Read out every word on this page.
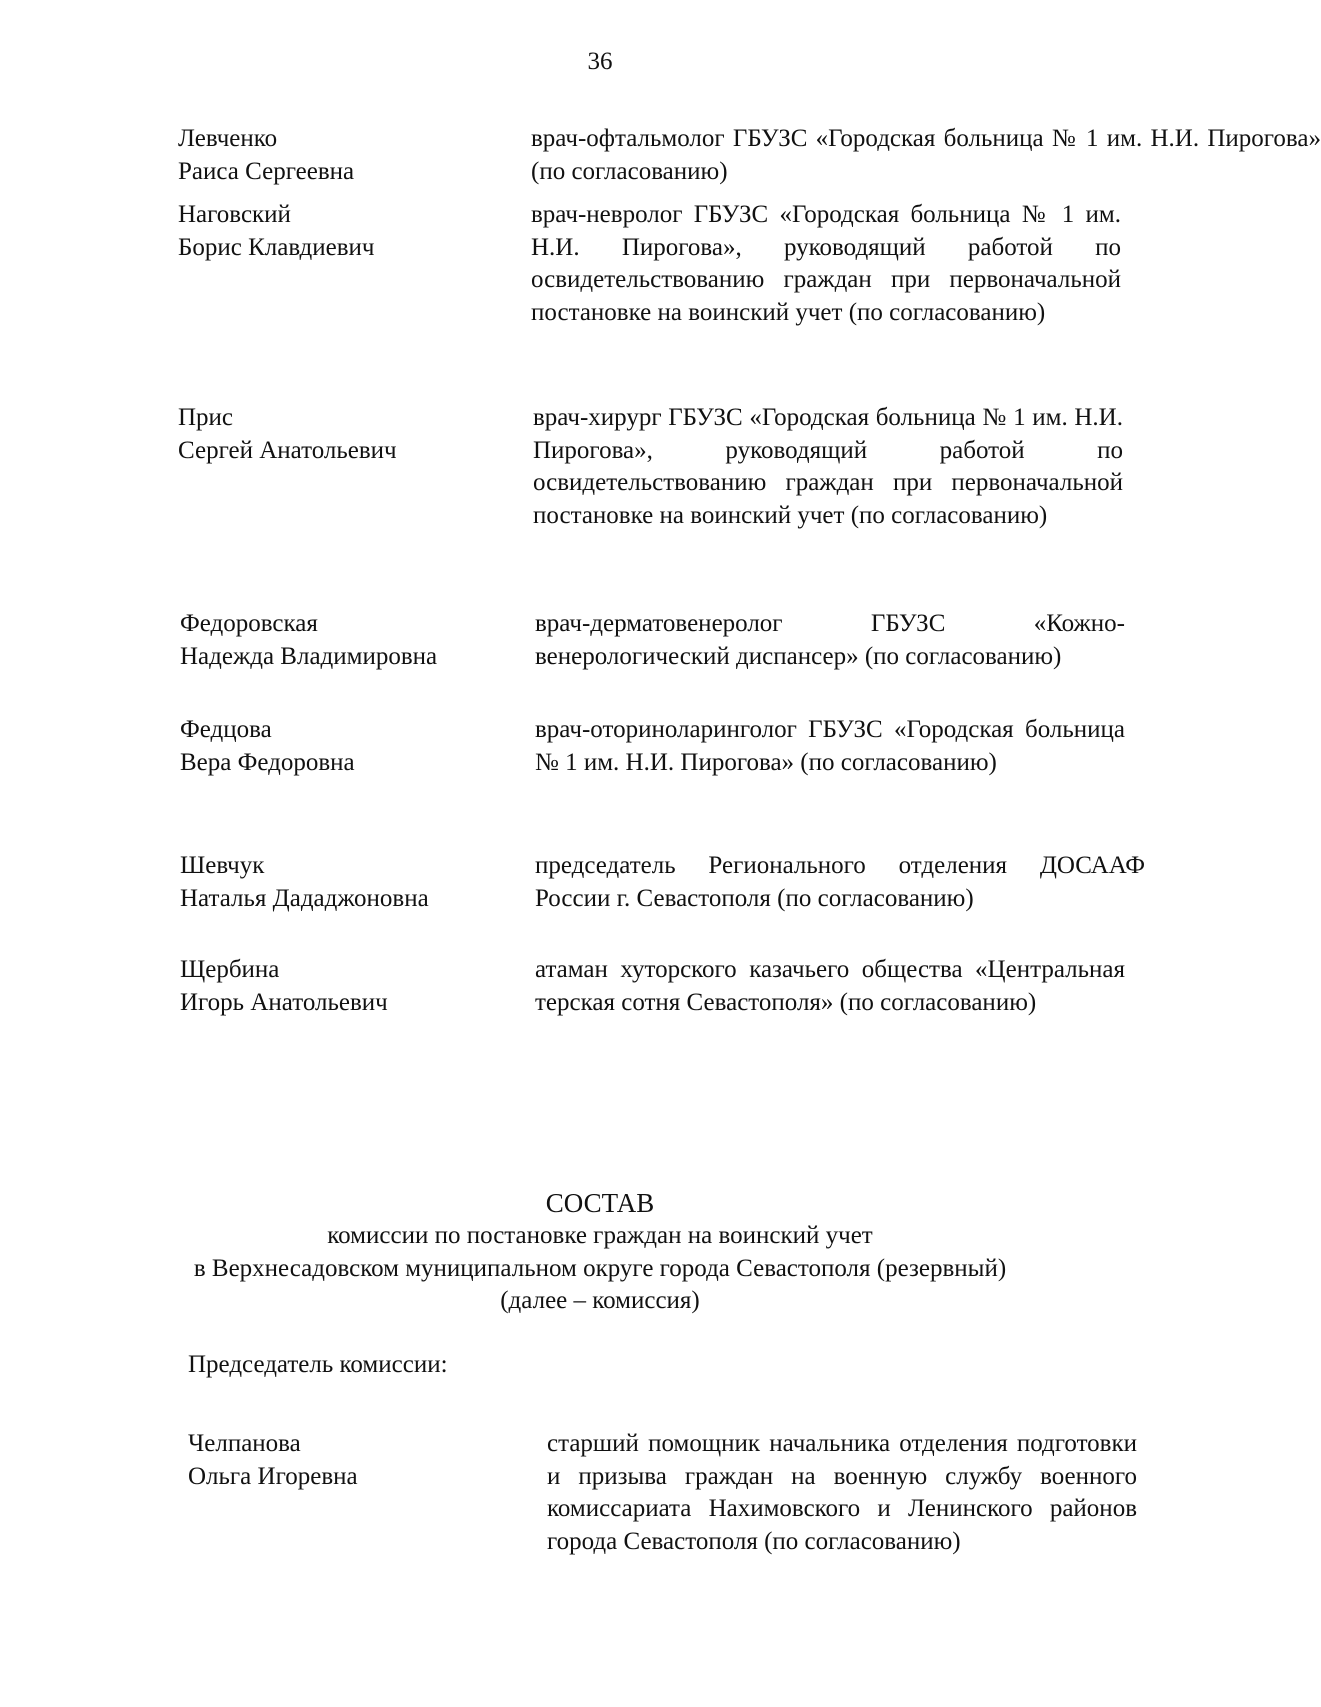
36
Левченко
Раиса Сергеевна
врач-офтальмолог ГБУЗС «Городская больница № 1 им. Н.И. Пирогова» (по согласованию)
Наговский
Борис Клавдиевич
врач-невролог ГБУЗС «Городская больница № 1 им. Н.И. Пирогова», руководящий работой по освидетельствованию граждан при первоначальной постановке на воинский учет (по согласованию)
Прис
Сергей Анатольевич
врач-хирург ГБУЗС «Городская больница № 1 им. Н.И. Пирогова», руководящий работой по освидетельствованию граждан при первоначальной постановке на воинский учет (по согласованию)
Федоровская
Надежда Владимировна
врач-дерматовенеролог ГБУЗС «Кожно-венерологический диспансер» (по согласованию)
Федцова
Вера Федоровна
врач-оториноларинголог ГБУЗС «Городская больница № 1 им. Н.И. Пирогова» (по согласованию)
Шевчук
Наталья Дададжоновна
председатель Регионального отделения ДОСААФ России г. Севастополя (по согласованию)
Щербина
Игорь Анатольевич
атаман хуторского казачьего общества «Центральная терская сотня Севастополя» (по согласованию)
СОСТАВ
комиссии по постановке граждан на воинский учет
в Верхнесадовском муниципальном округе города Севастополя (резервный)
(далее – комиссия)
Председатель комиссии:
Челпанова
Ольга Игоревна
старший помощник начальника отделения подготовки и призыва граждан на военную службу военного комиссариата Нахимовского и Ленинского районов города Севастополя (по согласованию)
